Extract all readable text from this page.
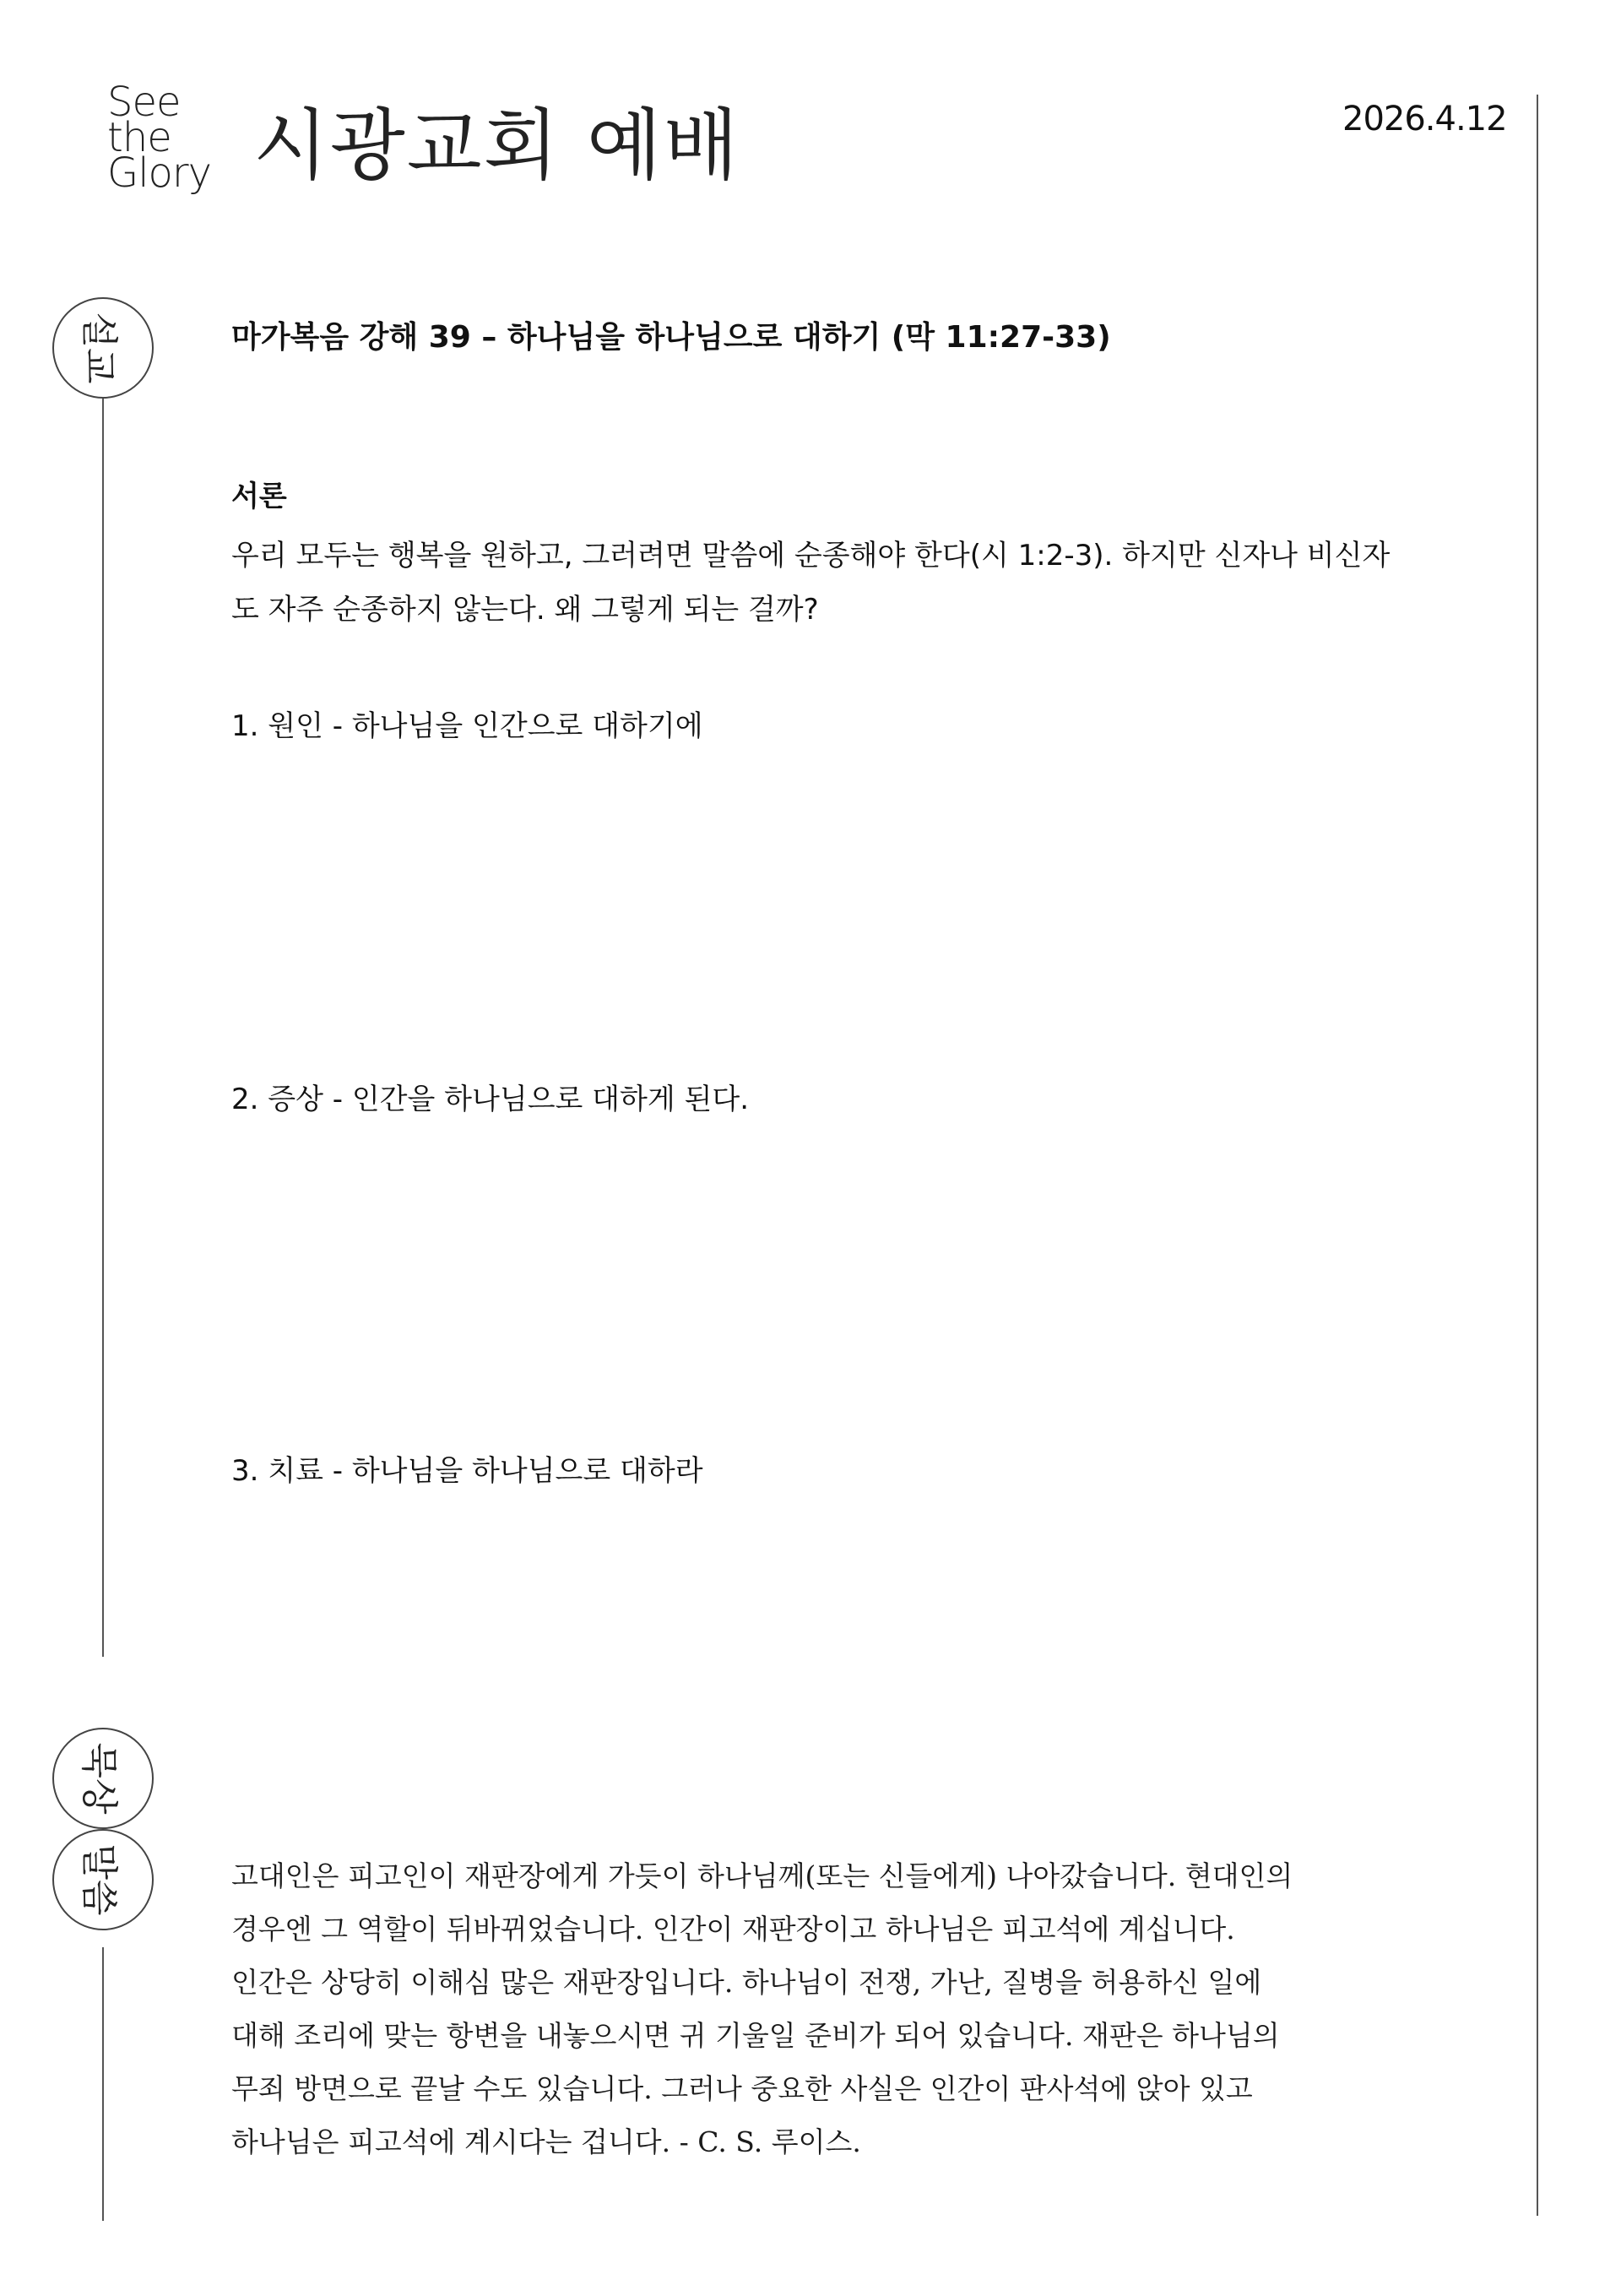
See
the
Glory 시광교회 예배	2026.4.12
설교	마가복음 강해 39 – 하나님을 하나님으로 대하기 (막 11:27-33)
서론
우리 모두는 행복을 원하고, 그러려면 말씀에 순종해야 한다(시 1:2-3). 하지만 신자나 비신자
도 자주 순종하지 않는다. 왜 그렇게 되는 걸까?
1. 원인 - 하나님을 인간으로 대하기에
2. 증상 - 인간을 하나님으로 대하게 된다.
3. 치료 - 하나님을 하나님으로 대하라
묵상
말씀	고대인은 피고인이 재판장에게 가듯이 하나님께(또는 신들에게) 나아갔습니다. 현대인의
경우엔 그 역할이 뒤바뀌었습니다. 인간이 재판장이고 하나님은 피고석에 계십니다.
인간은 상당히 이해심 많은 재판장입니다. 하나님이 전쟁, 가난, 질병을 허용하신 일에
대해 조리에 맞는 항변을 내놓으시면 귀 기울일 준비가 되어 있습니다. 재판은 하나님의
무죄 방면으로 끝날 수도 있습니다. 그러나 중요한 사실은 인간이 판사석에 앉아 있고
하나님은 피고석에 계시다는 겁니다. - C. S. 루이스.
